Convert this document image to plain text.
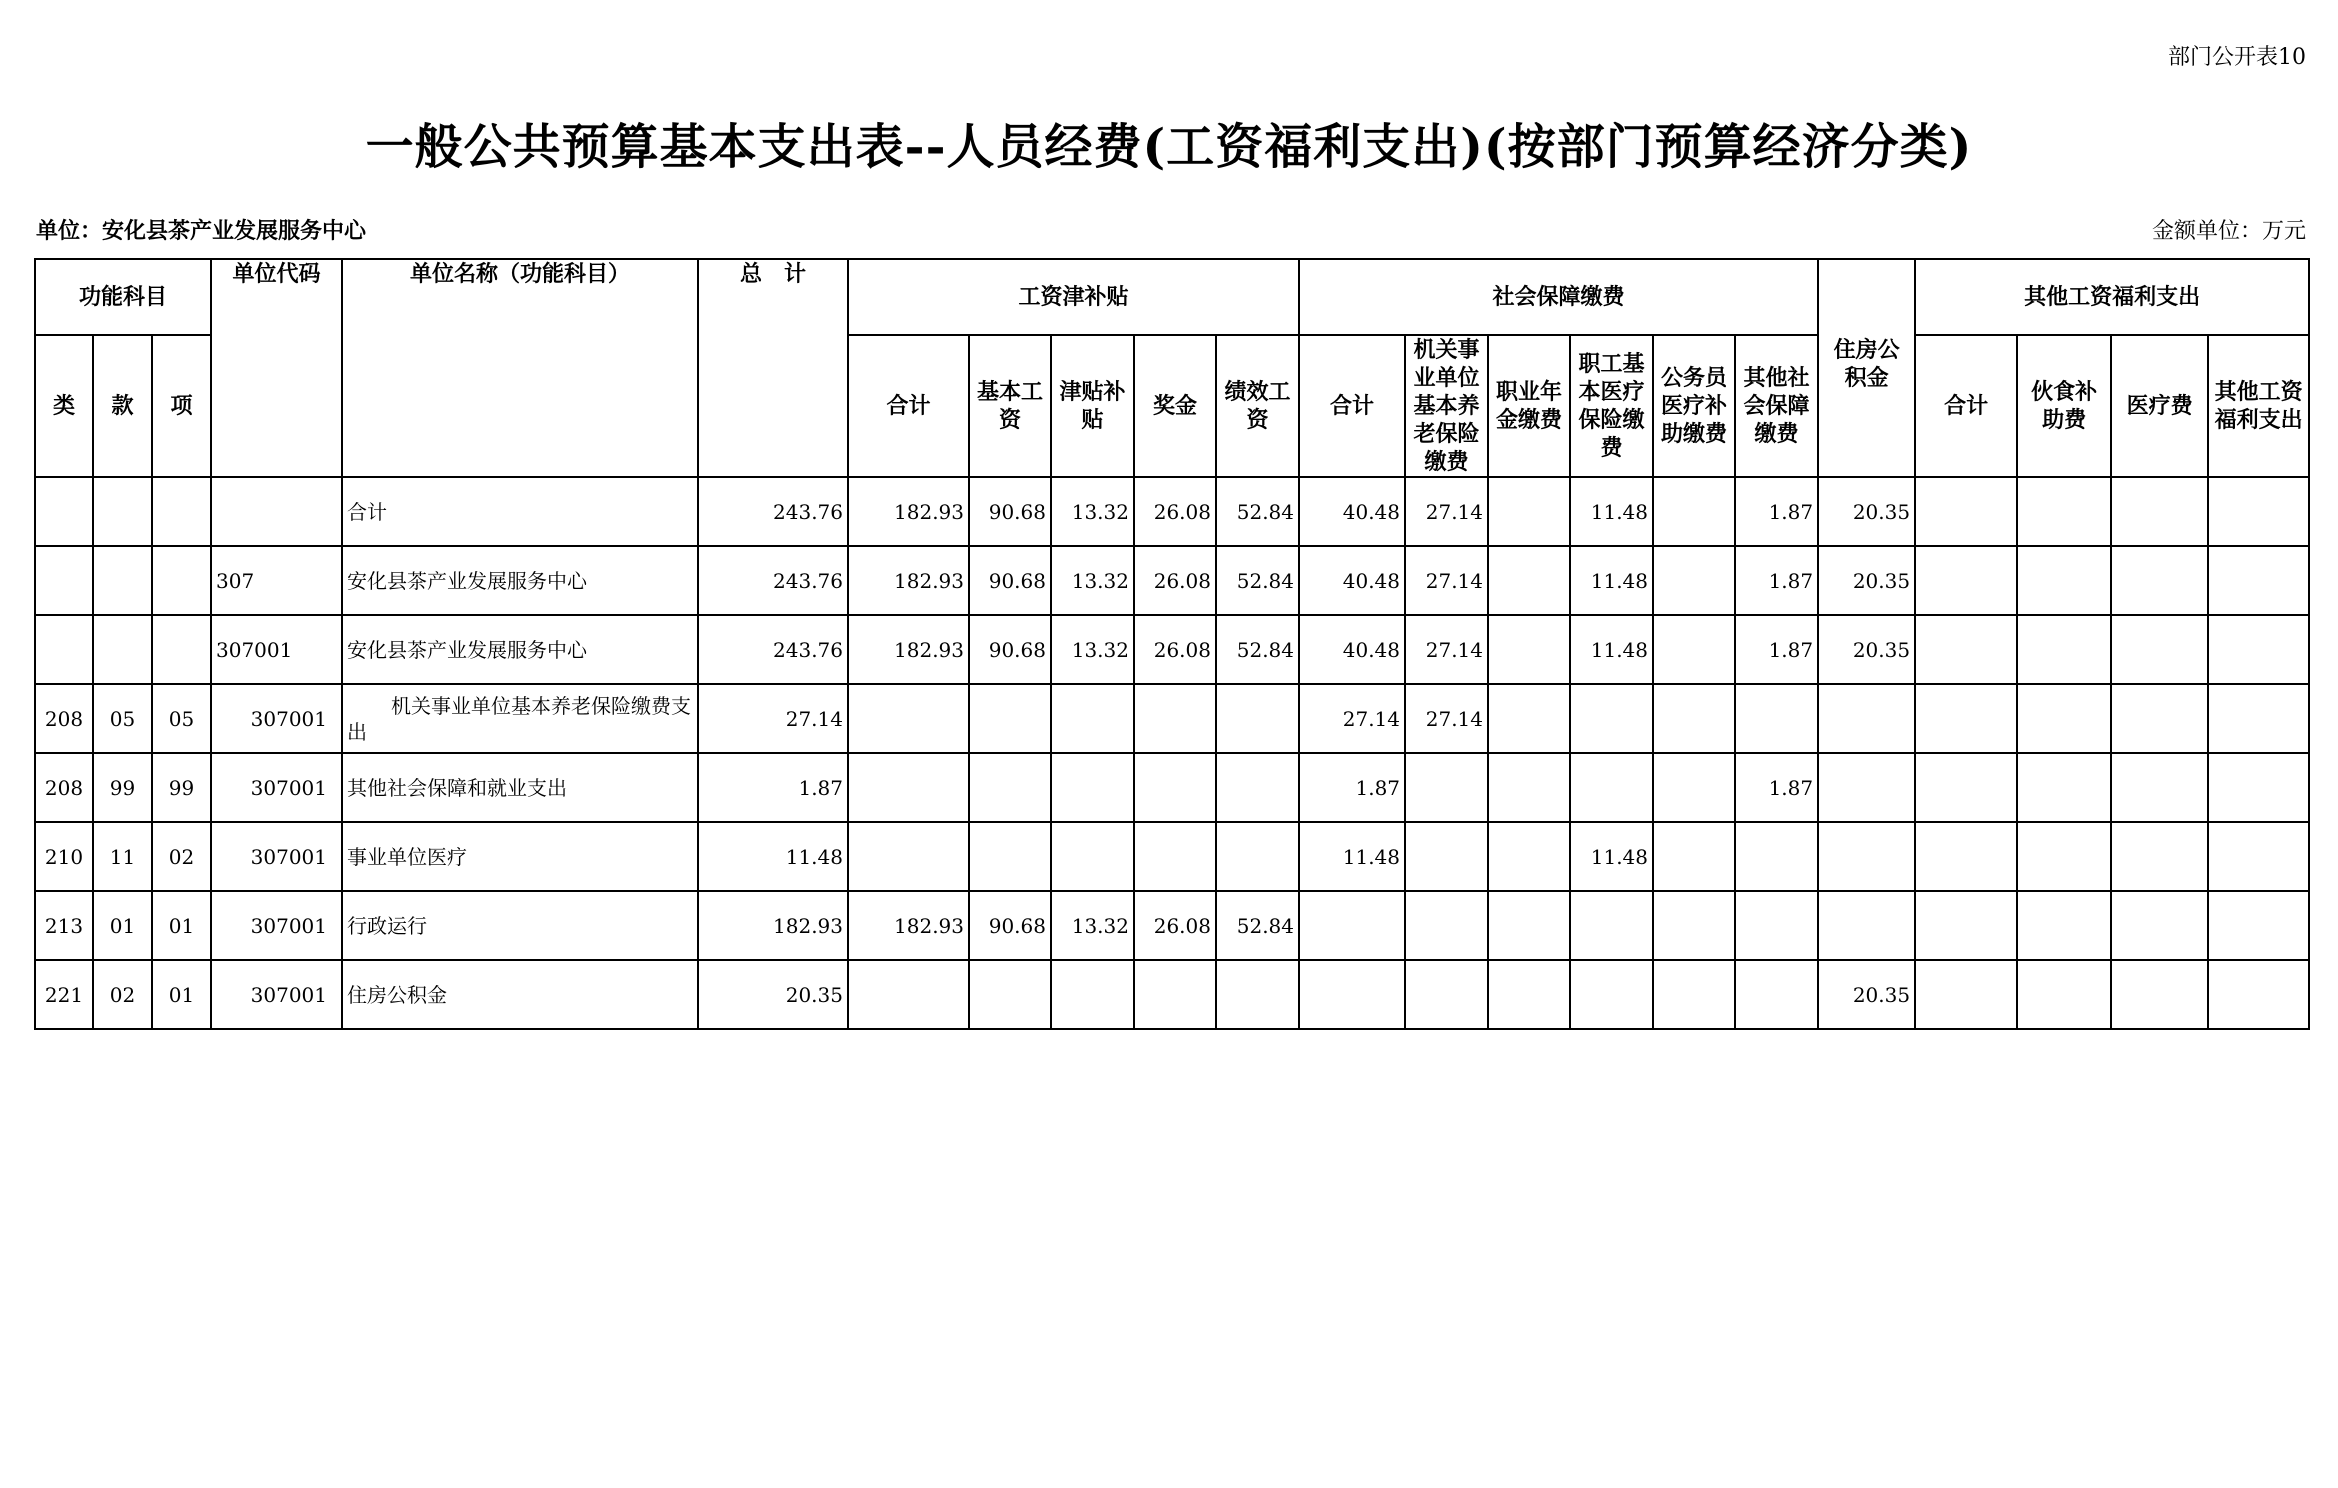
部门公开表10
一般公共预算基本支出表--人员经费(工资福利支出)(按部门预算经济分类)
单位：安化县茶产业发展服务中心	金额单位：万元
功能科目			单位代码	单位名称（功能科目）	总　计	工资津补贴					社会保障缴费						住房公积金	其他工资福利支出			
类	款	项				合计	基本工资	津贴补贴	奖金	绩效工资	合计	机关事业单位基本养老保险缴费	职业年金缴费	职工基本医疗保险缴费	公务员医疗补助缴费	其他社会保障缴费		合计	伙食补助费	医疗费	其他工资福利支出
				合计	243.76	182.93	90.68	13.32	26.08	52.84	40.48	27.14		11.48		1.87	20.35				
			307	安化县茶产业发展服务中心	243.76	182.93	90.68	13.32	26.08	52.84	40.48	27.14		11.48		1.87	20.35				
			307001	安化县茶产业发展服务中心	243.76	182.93	90.68	13.32	26.08	52.84	40.48	27.14		11.48		1.87	20.35				
208	05	05	307001	机关事业单位基本养老保险缴费支出	27.14						27.14	27.14									
208	99	99	307001	其他社会保障和就业支出	1.87						1.87					1.87					
210	11	02	307001	事业单位医疗	11.48						11.48			11.48							
213	01	01	307001	行政运行	182.93	182.93	90.68	13.32	26.08	52.84											
221	02	01	307001	住房公积金	20.35												20.35				
